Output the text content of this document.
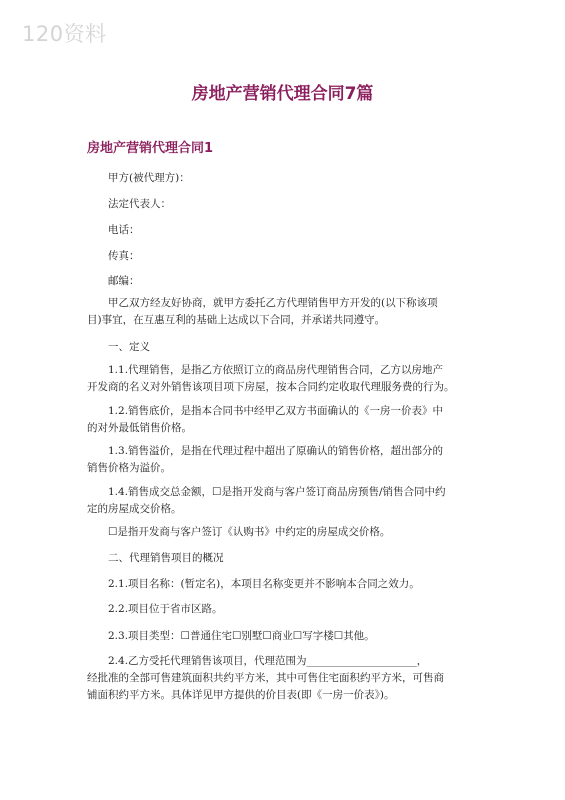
120资料
房地产营销代理合同7篇
房地产营销代理合同1
甲方(被代理方)：
法定代表人：
电话：
传真：
邮编：
甲乙双方经友好协商，就甲方委托乙方代理销售甲方开发的(以下称该项
目)事宜，在互惠互利的基础上达成以下合同，并承诺共同遵守。
一、定义
1.1.代理销售，是指乙方依照订立的商品房代理销售合同，乙方以房地产
开发商的名义对外销售该项目项下房屋，按本合同约定收取代理服务费的行为。
1.2.销售底价，是指本合同书中经甲乙双方书面确认的《一房一价表》中
的对外最低销售价格。
1.3.销售溢价，是指在代理过程中超出了原确认的销售价格，超出部分的
销售价格为溢价。
1.4.销售成交总金额，☐是指开发商与客户签订商品房预售/销售合同中约
定的房屋成交价格。
☐是指开发商与客户签订《认购书》中约定的房屋成交价格。
二、代理销售项目的概况
2.1.项目名称：(暂定名)，本项目名称变更并不影响本合同之效力。
2.2.项目位于省市区路。
2.3.项目类型：☐普通住宅☐别墅☐商业☐写字楼☐其他。
2.4.乙方受托代理销售该项目，代理范围为_____________________，
经批准的全部可售建筑面积共约平方米，其中可售住宅面积约平方米，可售商
铺面积约平方米。具体详见甲方提供的价目表(即《一房一价表》)。
